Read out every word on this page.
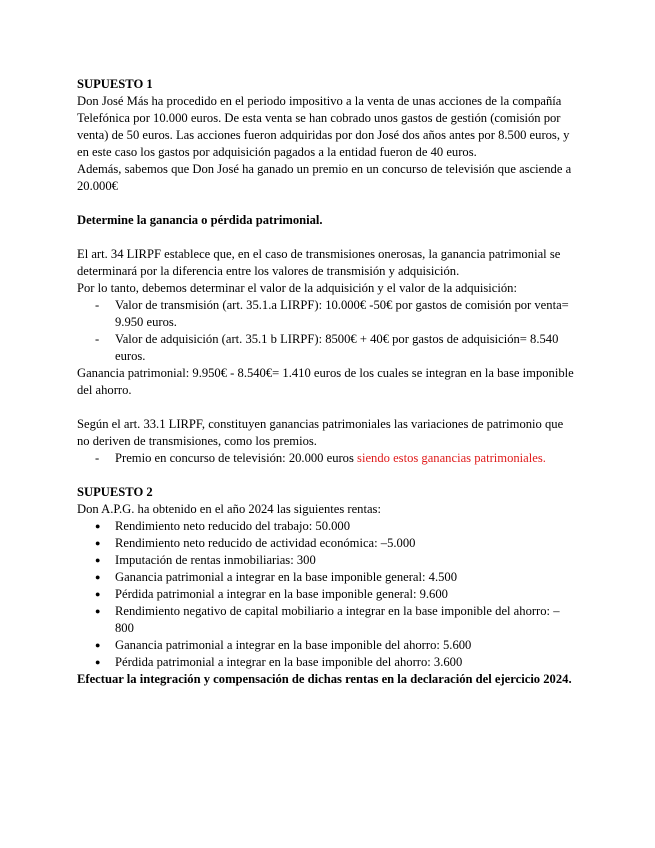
SUPUESTO 1

Don José Más ha procedido en el periodo impositivo a la venta de unas acciones de la compañía Telefónica por 10.000 euros. De esta venta se han cobrado unos gastos de gestión (comisión por venta) de 50 euros. Las acciones fueron adquiridas por don José dos años antes por 8.500 euros, y en este caso los gastos por adquisición pagados a la entidad fueron de 40 euros.

Además, sabemos que Don José ha ganado un premio en un concurso de televisión que asciende a 20.000€

Determine la ganancia o pérdida patrimonial.

El art. 34 LIRPF establece que, en el caso de transmisiones onerosas, la ganancia patrimonial se determinará por la diferencia entre los valores de transmisión y adquisición.

Por lo tanto, debemos determinar el valor de la adquisición y el valor de la adquisición:

- Valor de transmisión (art. 35.1.a LIRPF): 10.000€ -50€ por gastos de comisión por venta= 9.950 euros.
- Valor de adquisición (art. 35.1 b LIRPF): 8500€ + 40€ por gastos de adquisición= 8.540 euros.

Ganancia patrimonial: 9.950€ - 8.540€= 1.410 euros de los cuales se integran en la base imponible del ahorro.

Según el art. 33.1 LIRPF, constituyen ganancias patrimoniales las variaciones de patrimonio que no deriven de transmisiones, como los premios.

- Premio en concurso de televisión: 20.000 euros siendo estos ganancias patrimoniales.

SUPUESTO 2

Don A.P.G. ha obtenido en el año 2024 las siguientes rentas:

● Rendimiento neto reducido del trabajo: 50.000
● Rendimiento neto reducido de actividad económica: –5.000
● Imputación de rentas inmobiliarias: 300
● Ganancia patrimonial a integrar en la base imponible general: 4.500
● Pérdida patrimonial a integrar en la base imponible general: 9.600
● Rendimiento negativo de capital mobiliario a integrar en la base imponible del ahorro: –800
● Ganancia patrimonial a integrar en la base imponible del ahorro: 5.600
● Pérdida patrimonial a integrar en la base imponible del ahorro: 3.600

Efectuar la integración y compensación de dichas rentas en la declaración del ejercicio 2024.
